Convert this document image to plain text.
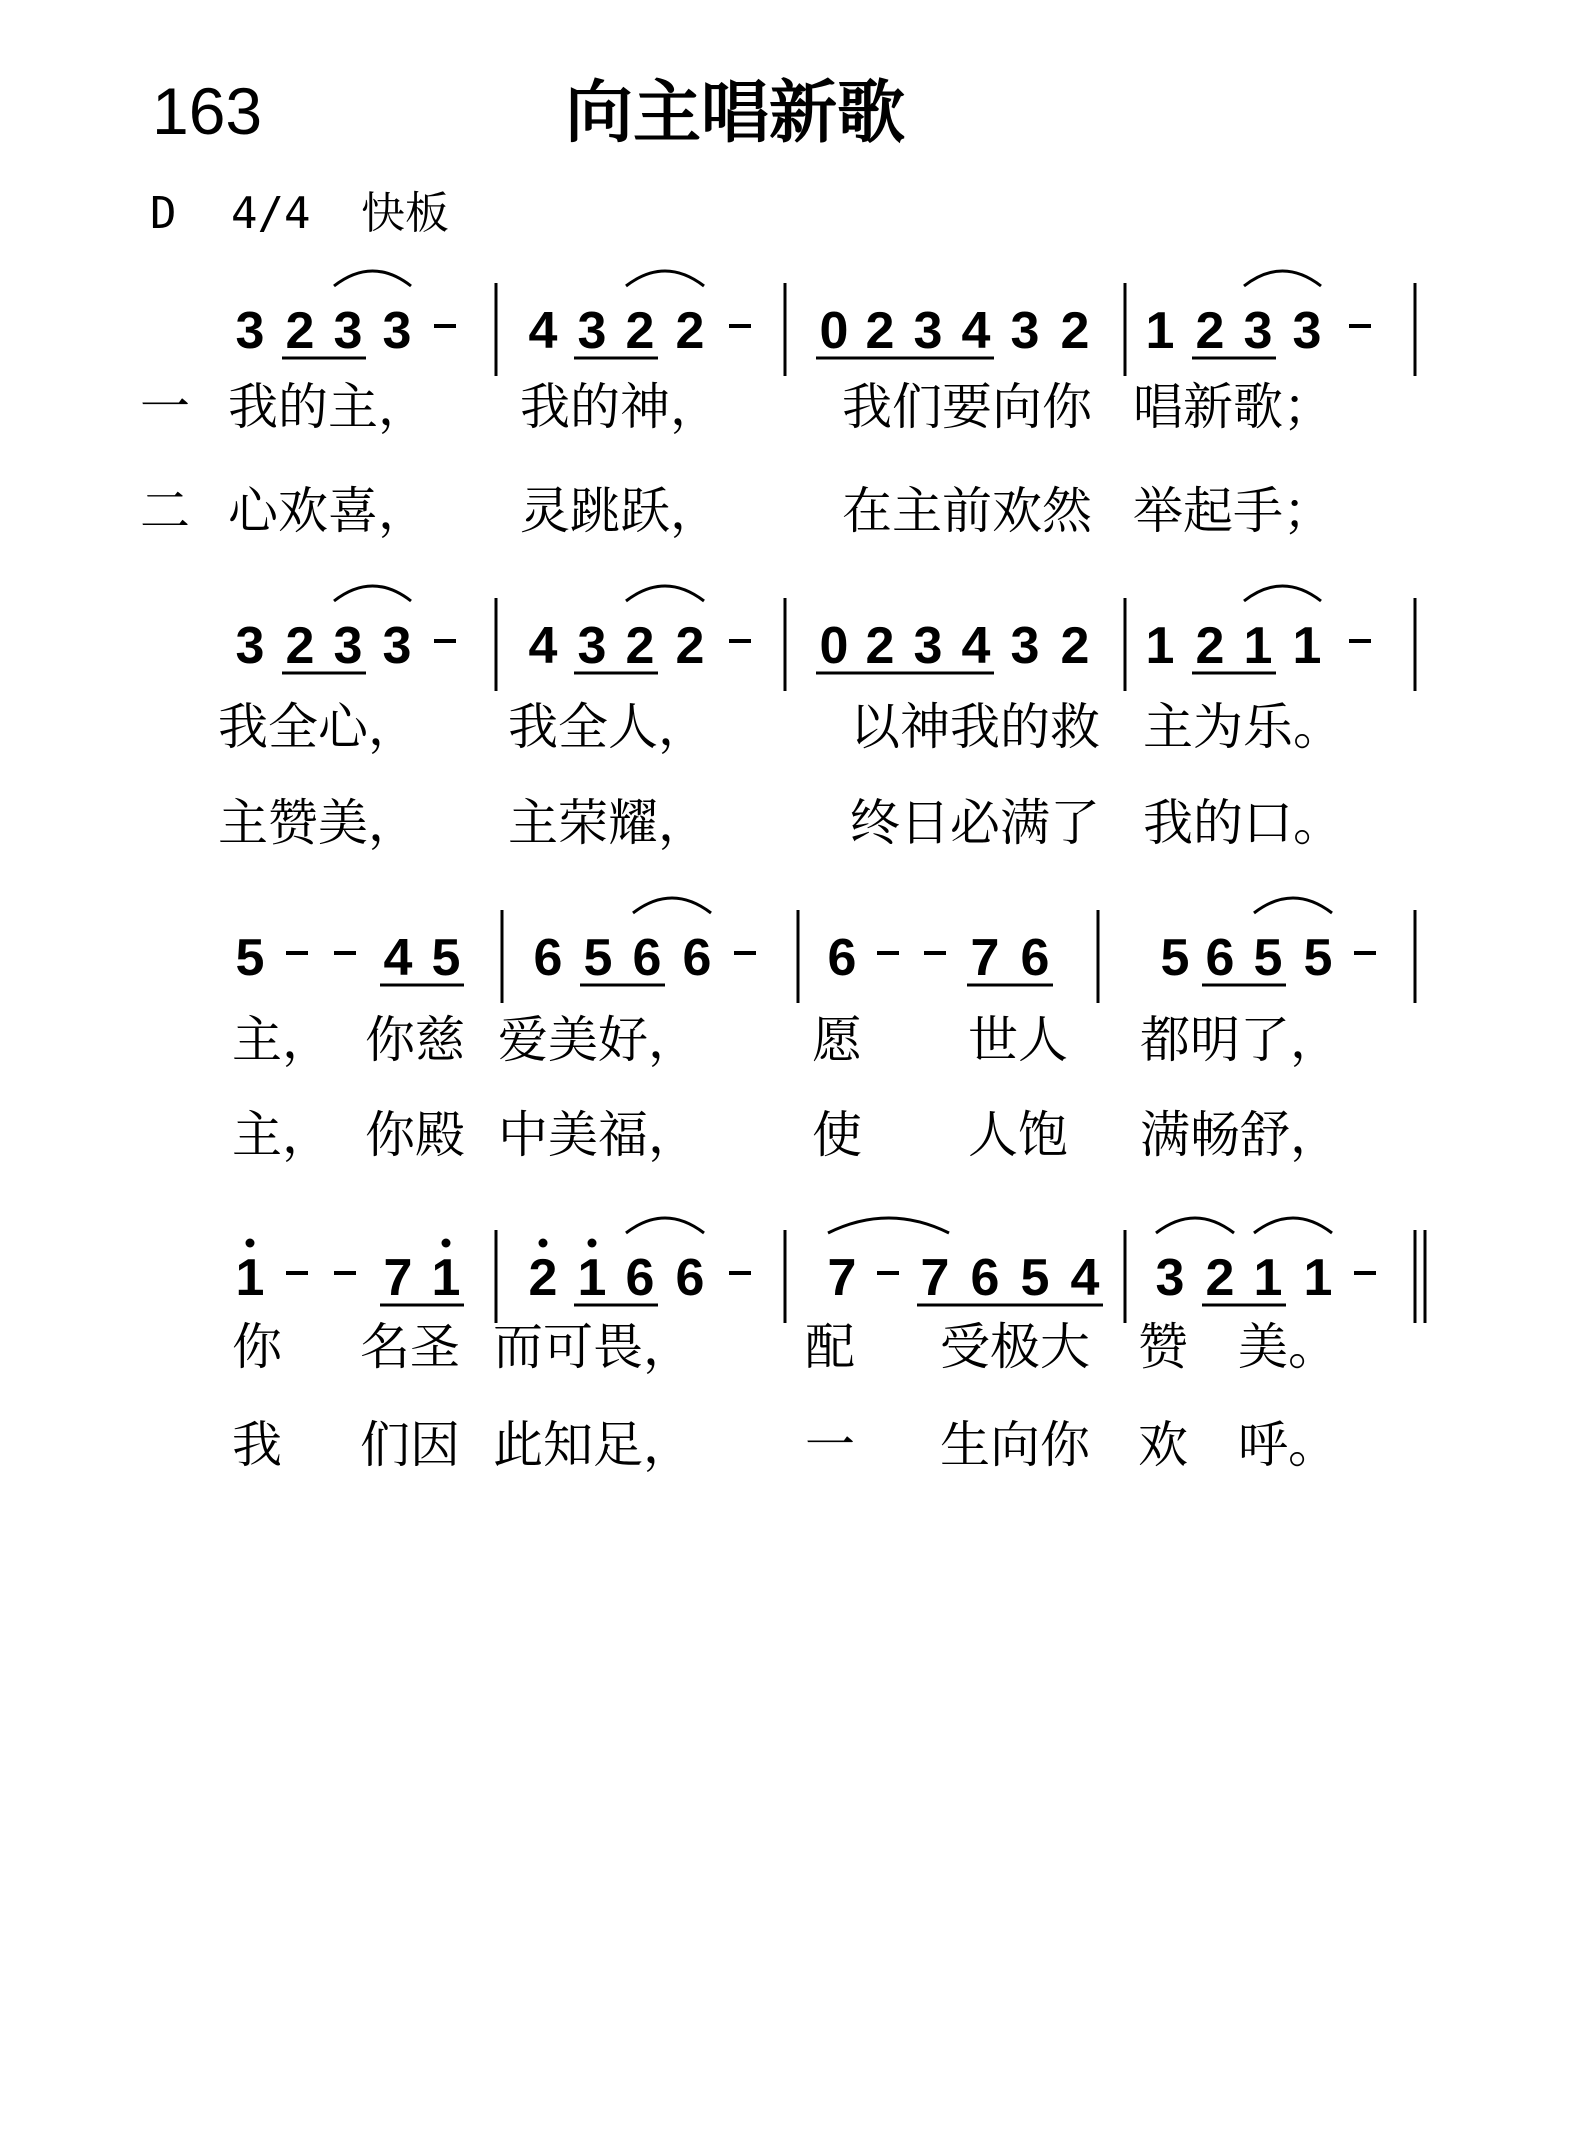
163	向主唱新歌
D 4/4 快板
3 2 3 3 4 3 2 2 0 2 3 4 3 2 1 2 3 3
3 2 3 3 4 3 2 2 0 2 3 4 3 2 1 2 1 1
5 4 5 6 5 6 6 6 7 6 5 6 5 5
1 7 1 2 1 6 6 7 7 6 5 4 3 2 1 1
一
二
我的主， 我的神， 我们要向你 唱新歌；
心欢喜， 灵跳跃， 在主前欢然 举起手；
我全心， 我全人，	以神我的救 主为乐。
主赞美， 主荣耀，	终日必满了 我的口。
主， 你慈 爱美好， 愿 世人 都明了，
主， 你殿 中美福， 使 人饱 满畅舒，
你 名圣 而可畏， 配 受极大 赞 美。
我 们因 此知足， 一 生向你 欢 呼。
